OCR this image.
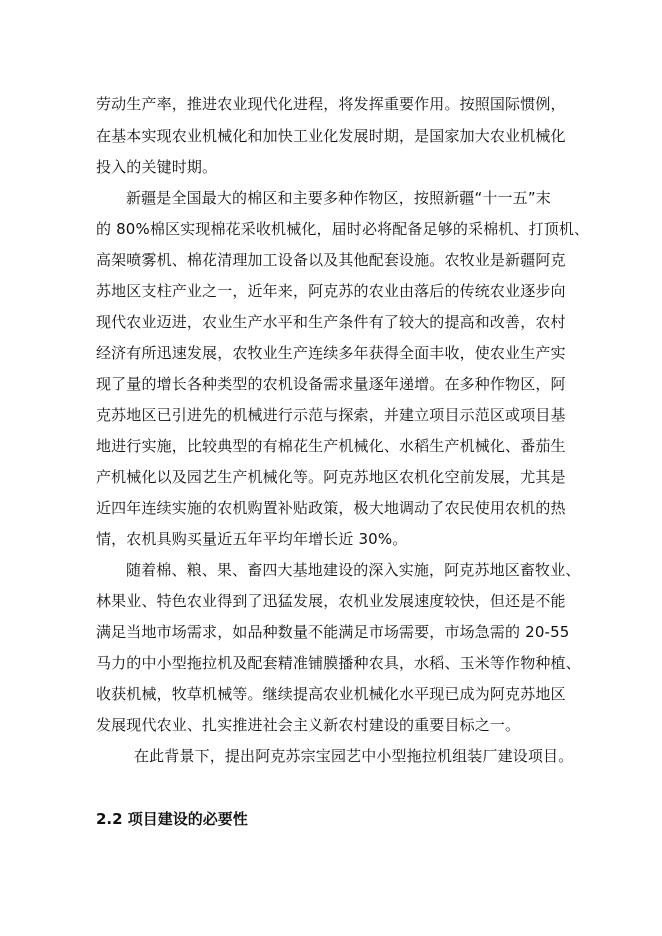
劳动生产率，推进农业现代化进程，将发挥重要作用。按照国际惯例，
在基本实现农业机械化和加快工业化发展时期，是国家加大农业机械化
投入的关键时期。
新疆是全国最大的棉区和主要多种作物区，按照新疆“十一五”末
的 80%棉区实现棉花采收机械化，届时必将配备足够的采棉机、打顶机、
高架喷雾机、棉花清理加工设备以及其他配套设施。农牧业是新疆阿克
苏地区支柱产业之一，近年来，阿克苏的农业由落后的传统农业逐步向
现代农业迈进，农业生产水平和生产条件有了较大的提高和改善，农村
经济有所迅速发展，农牧业生产连续多年获得全面丰收，使农业生产实
现了量的增长各种类型的农机设备需求量逐年递增。在多种作物区，阿
克苏地区已引进先的机械进行示范与探索，并建立项目示范区或项目基
地进行实施，比较典型的有棉花生产机械化、水稻生产机械化、番茄生
产机械化以及园艺生产机械化等。阿克苏地区农机化空前发展，尤其是
近四年连续实施的农机购置补贴政策，极大地调动了农民使用农机的热
情，农机具购买量近五年平均年增长近 30%。
随着棉、粮、果、畜四大基地建设的深入实施，阿克苏地区畜牧业、
林果业、特色农业得到了迅猛发展，农机业发展速度较快，但还是不能
满足当地市场需求，如品种数量不能满足市场需要，市场急需的 20-55
马力的中小型拖拉机及配套精准铺膜播种农具，水稻、玉米等作物种植、
收获机械，牧草机械等。继续提高农业机械化水平现已成为阿克苏地区
发展现代农业、扎实推进社会主义新农村建设的重要目标之一。
在此背景下，提出阿克苏宗宝园艺中小型拖拉机组装厂建设项目。
2.2 项目建设的必要性
